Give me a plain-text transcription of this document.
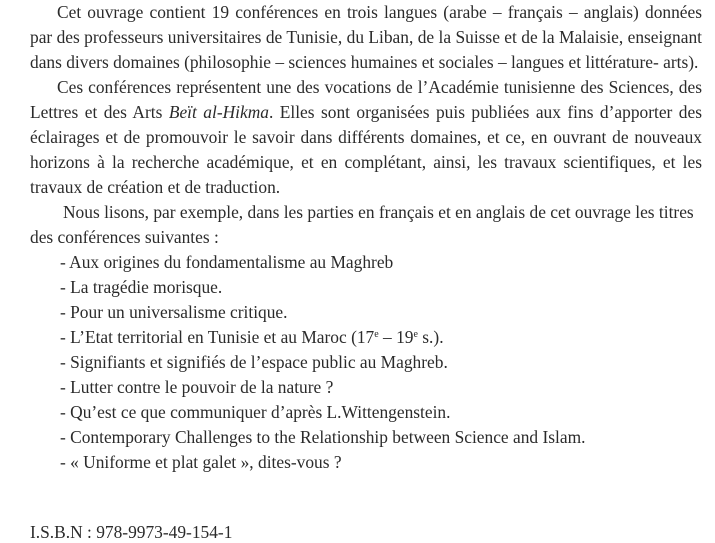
Cet ouvrage contient 19 conférences en trois langues (arabe – français – anglais) données par des professeurs universitaires de Tunisie, du Liban, de la Suisse et de la Malaisie, enseignant dans divers domaines (philosophie – sciences humaines et sociales – langues et littérature- arts).

Ces conférences représentent une des vocations de l’Académie tunisienne des Sciences, des Lettres et des Arts Beït al-Hikma. Elles sont organisées puis publiées aux fins d’apporter des éclairages et de promouvoir le savoir dans différents domaines, et ce, en ouvrant de nouveaux horizons à la recherche académique, et en complétant, ainsi, les travaux scientifiques, et les travaux de création et de traduction.

Nous lisons, par exemple, dans les parties en français et en anglais de cet ouvrage les titres des conférences suivantes :

- Aux origines du fondamentalisme au Maghreb
- La tragédie morisque.
- Pour un universalisme critique.
- L’Etat territorial en Tunisie et au Maroc (17e – 19e s.).
- Signifiants et signifiés de l’espace public au Maghreb.
- Lutter contre le pouvoir de la nature ?
- Qu’est ce que communiquer d’après L.Wittengenstein.
- Contemporary Challenges to the Relationship between Science and Islam.
- « Uniforme et plat galet », dites-vous ?
I.S.B.N : 978-9973-49-154-1
